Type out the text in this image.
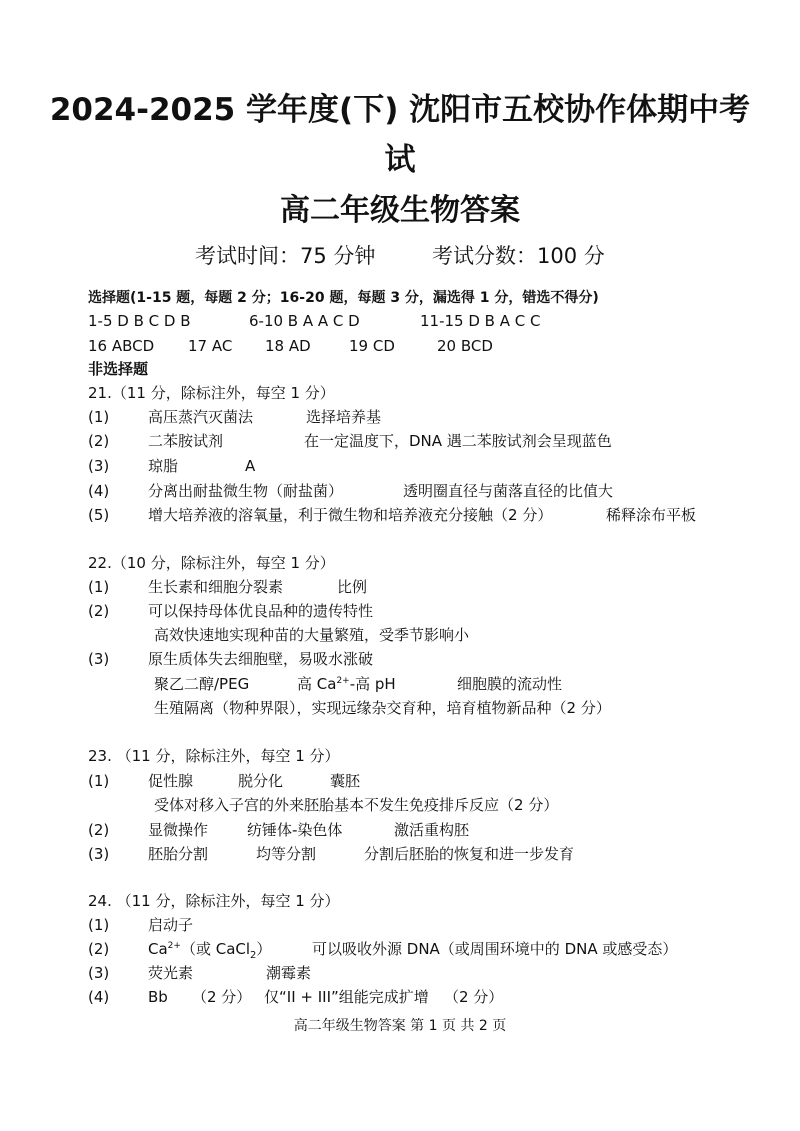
2024-2025 学年度(下) 沈阳市五校协作体期中考
试
高二年级生物答案
考试时间：75 分钟	考试分数：100 分
选择题(1-15 题，每题 2 分；16-20 题，每题 3 分，漏选得 1 分，错选不得分)
1-5 D B C D B	6-10 B A A C D	11-15 D B A C C
16 ABCD 17 AC 18 AD	19 CD	20 BCD
非选择题
21.（11 分，除标注外，每空 1 分）
(1)	高压蒸汽灭菌法	选择培养基
(2)	二苯胺试剂	在一定温度下，DNA 遇二苯胺试剂会呈现蓝色
(3)	琼脂	A
(4)	分离出耐盐微生物（耐盐菌）	透明圈直径与菌落直径的比值大
(5)	增大培养液的溶氧量，利于微生物和培养液充分接触（2 分）	稀释涂布平板
22.（10 分，除标注外，每空 1 分）
(1)	生长素和细胞分裂素	比例
(2)	可以保持母体优良品种的遗传特性
高效快速地实现种苗的大量繁殖，受季节影响小
(3)	原生质体失去细胞壁，易吸水涨破
聚乙二醇/PEG	高 $Ca^{2+}-$高 pH	细胞膜的流动性
生殖隔离（物种界限），实现远缘杂交育种，培育植物新品种（2 分）
23. （11 分，除标注外，每空 1 分）
(1)	促性腺	脱分化	囊胚
受体对移入子宫的外来胚胎基本不发生免疫排斥反应（2 分）
(2)	显微操作	纺锤体-染色体	激活重构胚
(3)	胚胎分割	均等分割	分割后胚胎的恢复和进一步发育
24. （11 分，除标注外，每空 1 分）
(1)	启动子
(2)	$Ca^{2+}$（或 CaCl$_2$）	可以吸收外源 DNA（或周围环境中的 DNA 或感受态）
(3)	荧光素	潮霉素
(4)	Bb （2 分） 仅“II + III”组能完成扩增 （2 分）
高二年级生物答案 第 1 页 共 2 页
